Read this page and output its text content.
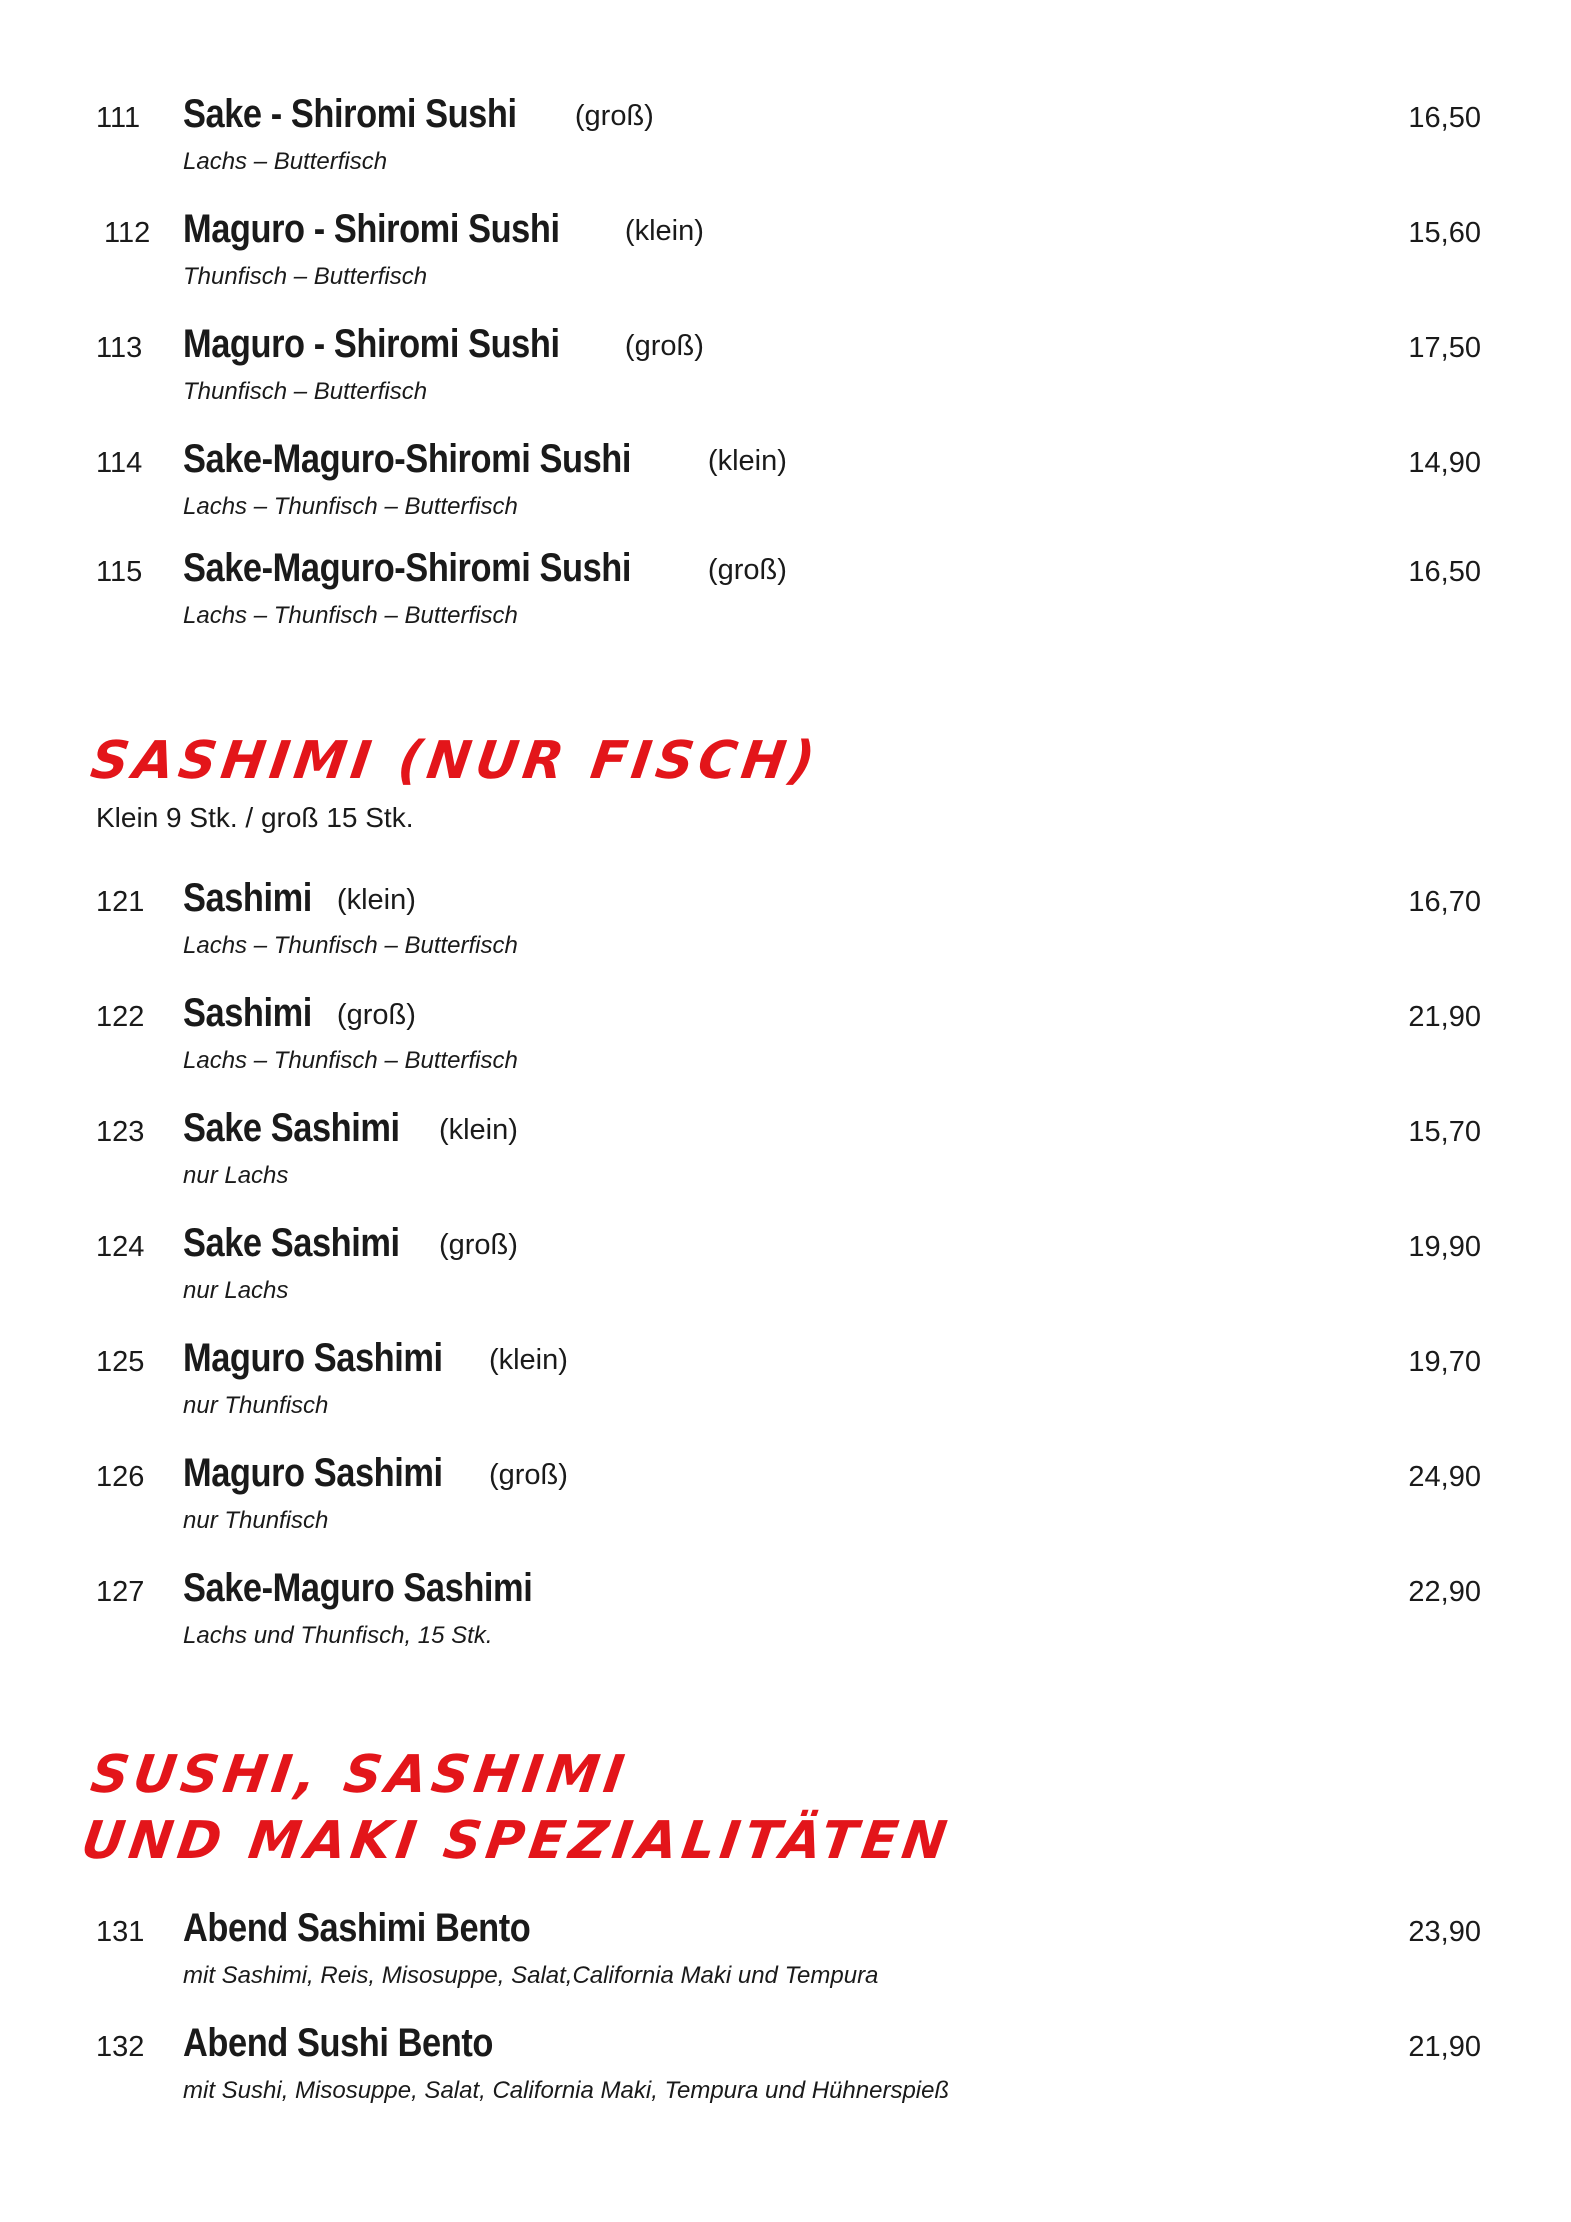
111 Sake - Shiromi Sushi (groß)
Lachs – Butterfisch
16,50
112 Maguro - Shiromi Sushi (klein)
Thunfisch – Butterfisch
15,60
113 Maguro - Shiromi Sushi (groß)
Thunfisch – Butterfisch
17,50
114 Sake-Maguro-Shiromi Sushi	(klein)
Lachs – Thunfisch – Butterfisch
14,90
115 Sake-Maguro-Shiromi Sushi	(groß)
Lachs – Thunfisch – Butterfisch
16,50
SASHIMI (NUR FISCH)
Klein 9 Stk. / groß 15 Stk.
121 Sashimi (klein)
Lachs – Thunfisch – Butterfisch
16,70
122 Sashimi (groß)
Lachs – Thunfisch – Butterfisch
21,90
123 Sake Sashimi (klein)
nur Lachs
15,70
124 Sake Sashimi (groß)
nur Lachs
19,90
125 Maguro Sashimi (klein)
nur Thunfisch
19,70
126 Maguro Sashimi (groß)
nur Thunfisch
24,90
127 Sake-Maguro Sashimi
Lachs und Thunfisch, 15 Stk.
22,90
SUSHI, SASHIMI
UND MAKI SPEZIALITÄTEN
131 Abend Sashimi Bento
mit Sashimi, Reis, Misosuppe, Salat,California Maki und Tempura
23,90
132 Abend Sushi Bento
mit Sushi, Misosuppe, Salat, California Maki, Tempura und Hühnerspieß
21,90
